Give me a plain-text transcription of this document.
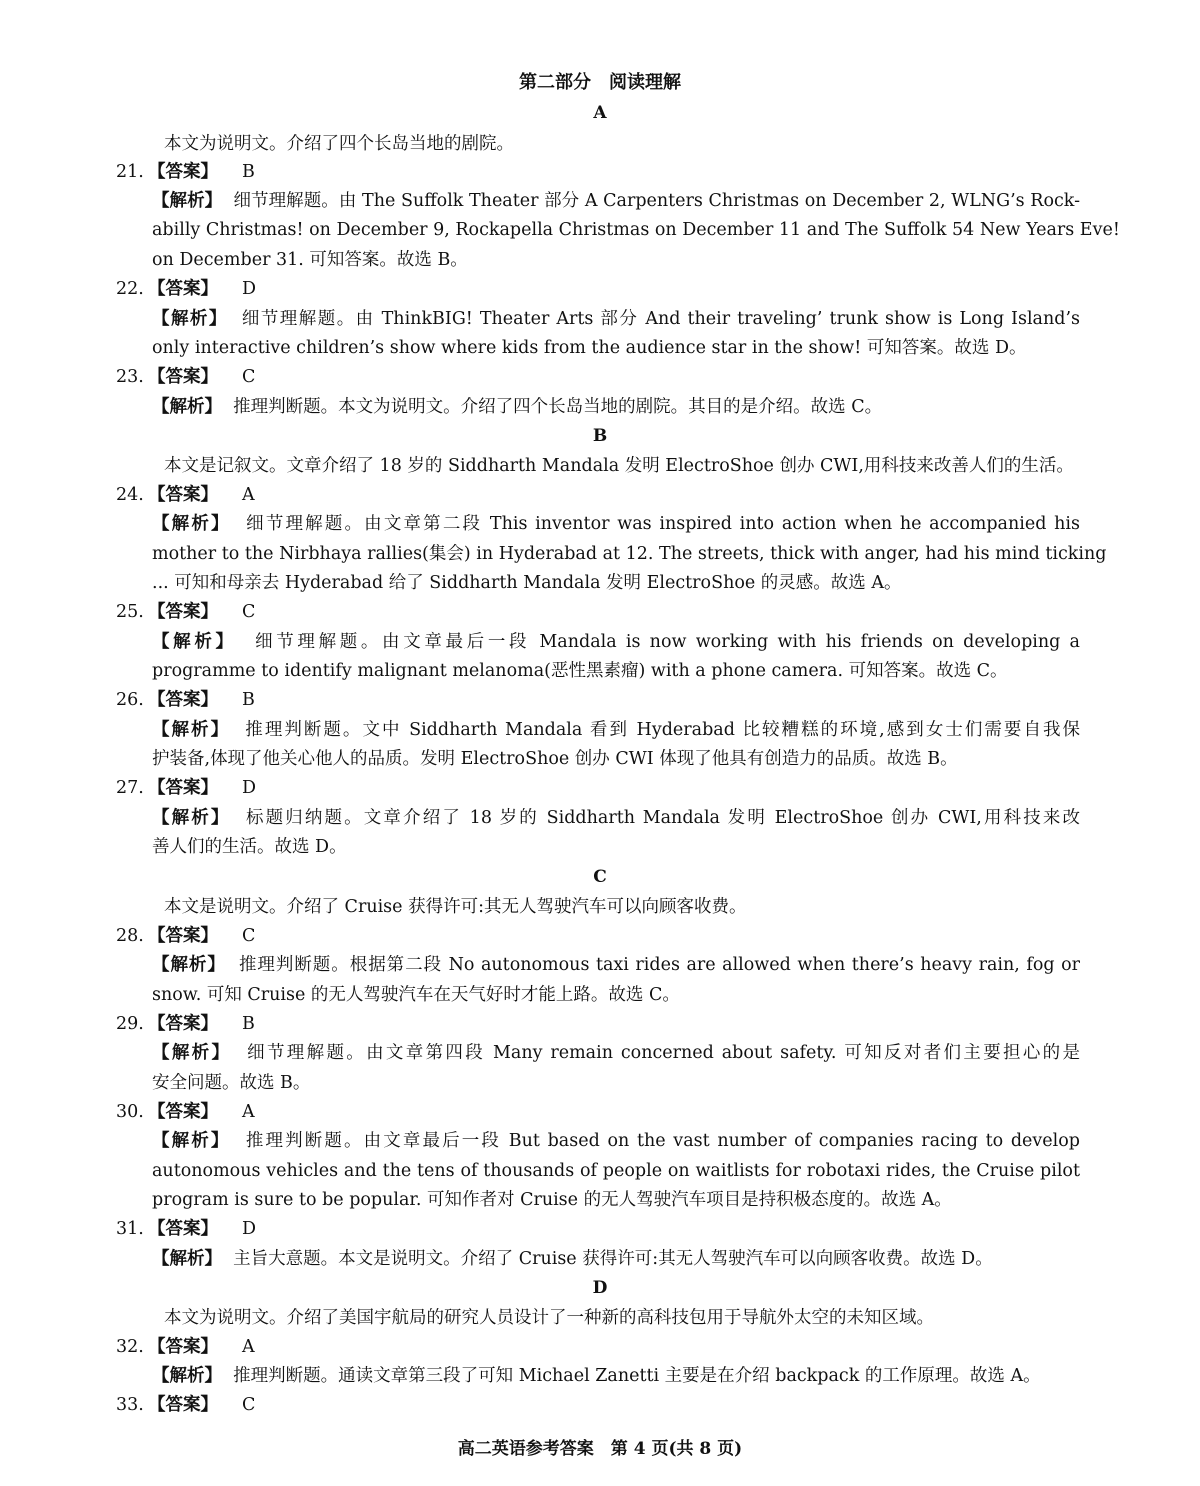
第二部分　阅读理解
A
本文为说明文。介绍了四个长岛当地的剧院。
21. 【答案】 B
【解析】 细节理解题。由 The Suffolk Theater 部分 A Carpenters Christmas on December 2, WLNG’s Rock-
abilly Christmas! on December 9, Rockapella Christmas on December 11 and The Suffolk 54 New Years Eve!
on December 31. 可知答案。故选 B。
22. 【答案】 D
【解析】 细节理解题。由 ThinkBIG! Theater Arts 部分 And their traveling’ trunk show is Long Island’s
only interactive children’s show where kids from the audience star in the show! 可知答案。故选 D。
23. 【答案】 C
【解析】 推理判断题。本文为说明文。介绍了四个长岛当地的剧院。其目的是介绍。故选 C。
B
本文是记叙文。文章介绍了 18 岁的 Siddharth Mandala 发明 ElectroShoe 创办 CWI,用科技来改善人们的生活。
24. 【答案】 A
【解析】 细节理解题。由文章第二段 This inventor was inspired into action when he accompanied his
mother to the Nirbhaya rallies(集会) in Hyderabad at 12. The streets, thick with anger, had his mind ticking
... 可知和母亲去 Hyderabad 给了 Siddharth Mandala 发明 ElectroShoe 的灵感。故选 A。
25. 【答案】 C
【解析】 细节理解题。由文章最后一段 Mandala is now working with his friends on developing a
programme to identify malignant melanoma(恶性黑素瘤) with a phone camera. 可知答案。故选 C。
26. 【答案】 B
【解析】 推理判断题。文中 Siddharth Mandala 看到 Hyderabad 比较糟糕的环境,感到女士们需要自我保
护装备,体现了他关心他人的品质。发明 ElectroShoe 创办 CWI 体现了他具有创造力的品质。故选 B。
27. 【答案】 D
【解析】 标题归纳题。文章介绍了 18 岁的 Siddharth Mandala 发明 ElectroShoe 创办 CWI,用科技来改
善人们的生活。故选 D。
C
本文是说明文。介绍了 Cruise 获得许可:其无人驾驶汽车可以向顾客收费。
28. 【答案】 C
【解析】 推理判断题。根据第二段 No autonomous taxi rides are allowed when there’s heavy rain, fog or
snow. 可知 Cruise 的无人驾驶汽车在天气好时才能上路。故选 C。
29. 【答案】 B
【解析】 细节理解题。由文章第四段 Many remain concerned about safety. 可知反对者们主要担心的是
安全问题。故选 B。
30. 【答案】 A
【解析】 推理判断题。由文章最后一段 But based on the vast number of companies racing to develop
autonomous vehicles and the tens of thousands of people on waitlists for robotaxi rides, the Cruise pilot
program is sure to be popular. 可知作者对 Cruise 的无人驾驶汽车项目是持积极态度的。故选 A。
31. 【答案】 D
【解析】 主旨大意题。本文是说明文。介绍了 Cruise 获得许可:其无人驾驶汽车可以向顾客收费。故选 D。
D
本文为说明文。介绍了美国宇航局的研究人员设计了一种新的高科技包用于导航外太空的未知区域。
32. 【答案】 A
【解析】 推理判断题。通读文章第三段了可知 Michael Zanetti 主要是在介绍 backpack 的工作原理。故选 A。
33. 【答案】 C
高二英语参考答案　第 4 页(共 8 页)
